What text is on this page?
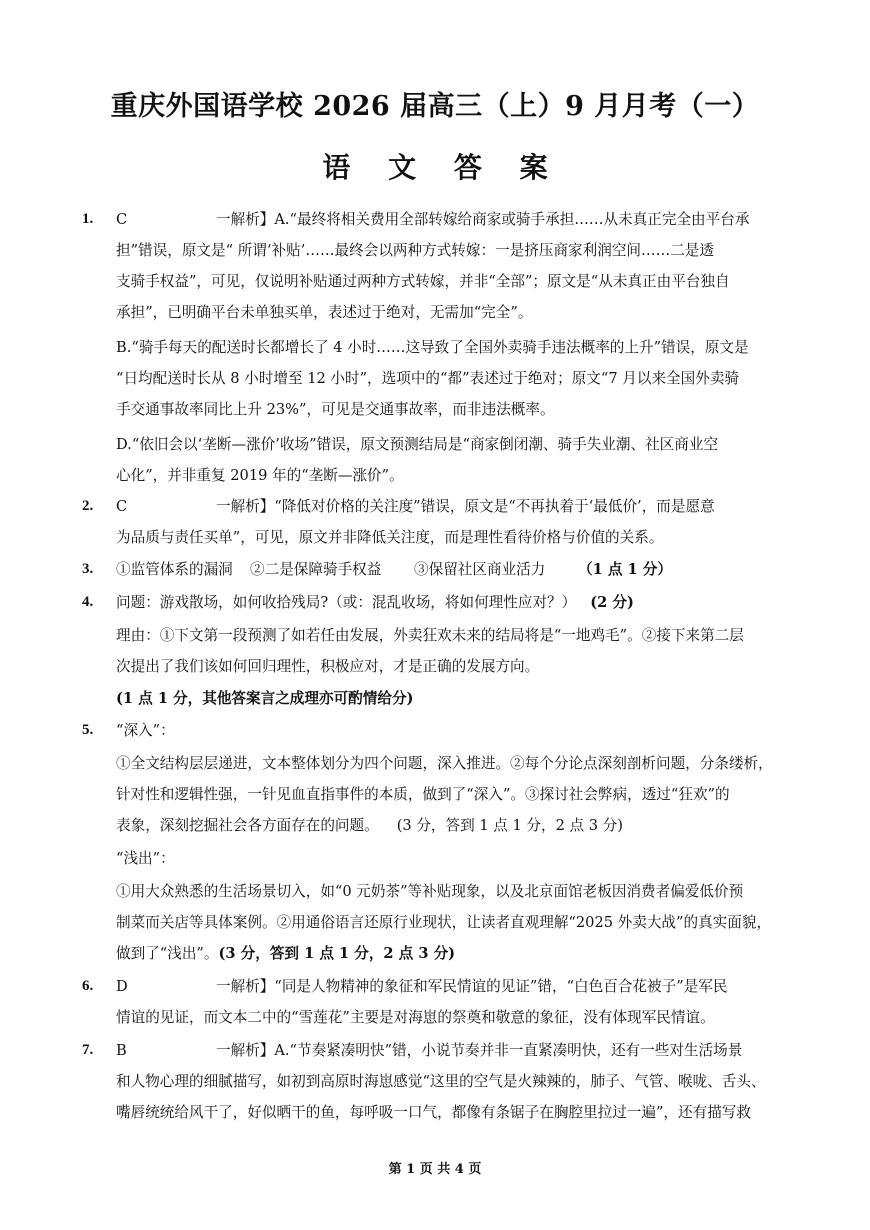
重庆外国语学校 2026 届高三（上）9 月月考（一）
语 文 答 案
1.	C	一解析】A.“最终将相关费用全部转嫁给商家或骑手承担……从未真正完全由平台承
担”错误，原文是“ 所谓‘补贴’……最终会以两种方式转嫁：一是挤压商家利润空间……二是透
支骑手权益”，可见，仅说明补贴通过两种方式转嫁，并非“全部”；原文是“从未真正由平台独自
承担”，已明确平台未单独买单，表述过于绝对，无需加“完全”。
B.“骑手每天的配送时长都增长了 4 小时……这导致了全国外卖骑手违法概率的上升”错误，原文是
“日均配送时长从 8 小时增至 12 小时”，选项中的“都”表述过于绝对；原文“7 月以来全国外卖骑
手交通事故率同比上升 23%”，可见是交通事故率，而非违法概率。
D.“依旧会以‘垄断—涨价’收场”错误，原文预测结局是“商家倒闭潮、骑手失业潮、社区商业空
心化”，并非重复 2019 年的“垄断—涨价”。
2.	C	一解析】“降低对价格的关注度”错误，原文是“不再执着于‘最低价’，而是愿意
为品质与责任买单”，可见，原文并非降低关注度，而是理性看待价格与价值的关系。
3.	①监管体系的漏洞 ②二是保障骑手权益 ③保留社区商业活力 （1 点 1 分）
4.	问题：游戏散场，如何收拾残局?（或：混乱收场，将如何理性应对？） (2 分)
理由：①下文第一段预测了如若任由发展，外卖狂欢未来的结局将是“一地鸡毛”。②接下来第二层
次提出了我们该如何回归理性，积极应对，才是正确的发展方向。
(1 点 1 分，其他答案言之成理亦可酌情给分)
5.	“深入”：
①全文结构层层递进，文本整体划分为四个问题，深入推进。②每个分论点深刻剖析问题，分条缕析，
针对性和逻辑性强，一针见血直指事件的本质，做到了“深入”。③探讨社会弊病，透过“狂欢”的
表象，深刻挖掘社会各方面存在的问题。 (3 分，答到 1 点 1 分，2 点 3 分)
“浅出”：
①用大众熟悉的生活场景切入，如“0 元奶茶”等补贴现象，以及北京面馆老板因消费者偏爱低价预
制菜而关店等具体案例。②用通俗语言还原行业现状，让读者直观理解“2025 外卖大战”的真实面貌，
做到了“浅出”。(3 分，答到 1 点 1 分，2 点 3 分)
6.	D	一解析】“同是人物精神的象征和军民情谊的见证”错，“白色百合花被子”是军民
情谊的见证，而文本二中的“雪莲花”主要是对海崽的祭奠和敬意的象征，没有体现军民情谊。
7.	B	一解析】A.“节奏紧凑明快”错，小说节奏并非一直紧凑明快，还有一些对生活场景
和人物心理的细腻描写，如初到高原时海崽感觉“这里的空气是火辣辣的，肺子、气管、喉咙、舌头、
嘴唇统统给风干了，好似晒干的鱼，每呼吸一口气，都像有条锯子在胸腔里拉过一遍”，还有描写救
第 1 页 共 4 页
